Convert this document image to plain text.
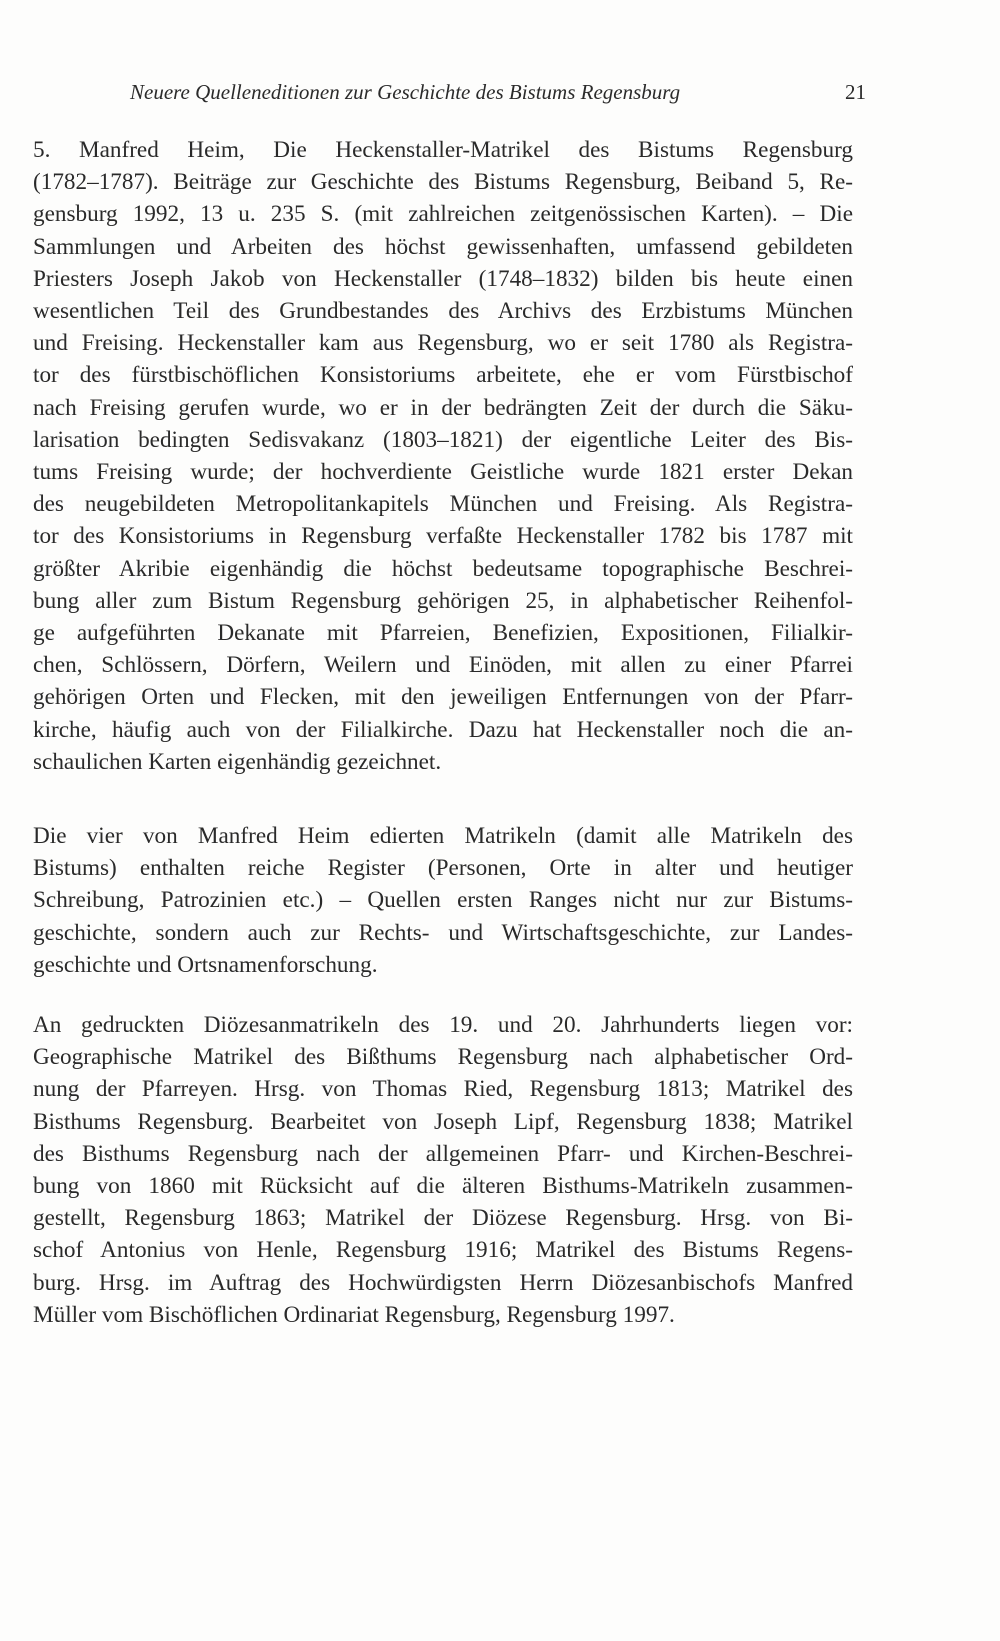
Neuere Quelleneditionen zur Geschichte des Bistums Regensburg	21
5. Manfred Heim, Die Heckenstaller-Matrikel des Bistums Regensburg
(1782–1787). Beiträge zur Geschichte des Bistums Regensburg, Beiband 5, Re-
gensburg 1992, 13 u. 235 S. (mit zahlreichen zeitgenössischen Karten). – Die
Sammlungen und Arbeiten des höchst gewissenhaften, umfassend gebildeten
Priesters Joseph Jakob von Heckenstaller (1748–1832) bilden bis heute einen
wesentlichen Teil des Grundbestandes des Archivs des Erzbistums München
und Freising. Heckenstaller kam aus Regensburg, wo er seit 1780 als Registra-
tor des fürstbischöflichen Konsistoriums arbeitete, ehe er vom Fürstbischof
nach Freising gerufen wurde, wo er in der bedrängten Zeit der durch die Säku-
larisation bedingten Sedisvakanz (1803–1821) der eigentliche Leiter des Bis-
tums Freising wurde; der hochverdiente Geistliche wurde 1821 erster Dekan
des neugebildeten Metropolitankapitels München und Freising. Als Registra-
tor des Konsistoriums in Regensburg verfaßte Heckenstaller 1782 bis 1787 mit
größter Akribie eigenhändig die höchst bedeutsame topographische Beschrei-
bung aller zum Bistum Regensburg gehörigen 25, in alphabetischer Reihenfol-
ge aufgeführten Dekanate mit Pfarreien, Benefizien, Expositionen, Filialkir-
chen, Schlössern, Dörfern, Weilern und Einöden, mit allen zu einer Pfarrei
gehörigen Orten und Flecken, mit den jeweiligen Entfernungen von der Pfarr-
kirche, häufig auch von der Filialkirche. Dazu hat Heckenstaller noch die an-
schaulichen Karten eigenhändig gezeichnet.
Die vier von Manfred Heim edierten Matrikeln (damit alle Matrikeln des
Bistums) enthalten reiche Register (Personen, Orte in alter und heutiger
Schreibung, Patrozinien etc.) – Quellen ersten Ranges nicht nur zur Bistums-
geschichte, sondern auch zur Rechts- und Wirtschaftsgeschichte, zur Landes-
geschichte und Ortsnamenforschung.
An gedruckten Diözesanmatrikeln des 19. und 20. Jahrhunderts liegen vor:
Geographische Matrikel des Bißthums Regensburg nach alphabetischer Ord-
nung der Pfarreyen. Hrsg. von Thomas Ried, Regensburg 1813; Matrikel des
Bisthums Regensburg. Bearbeitet von Joseph Lipf, Regensburg 1838; Matrikel
des Bisthums Regensburg nach der allgemeinen Pfarr- und Kirchen-Beschrei-
bung von 1860 mit Rücksicht auf die älteren Bisthums-Matrikeln zusammen-
gestellt, Regensburg 1863; Matrikel der Diözese Regensburg. Hrsg. von Bi-
schof Antonius von Henle, Regensburg 1916; Matrikel des Bistums Regens-
burg. Hrsg. im Auftrag des Hochwürdigsten Herrn Diözesanbischofs Manfred
Müller vom Bischöflichen Ordinariat Regensburg, Regensburg 1997.
